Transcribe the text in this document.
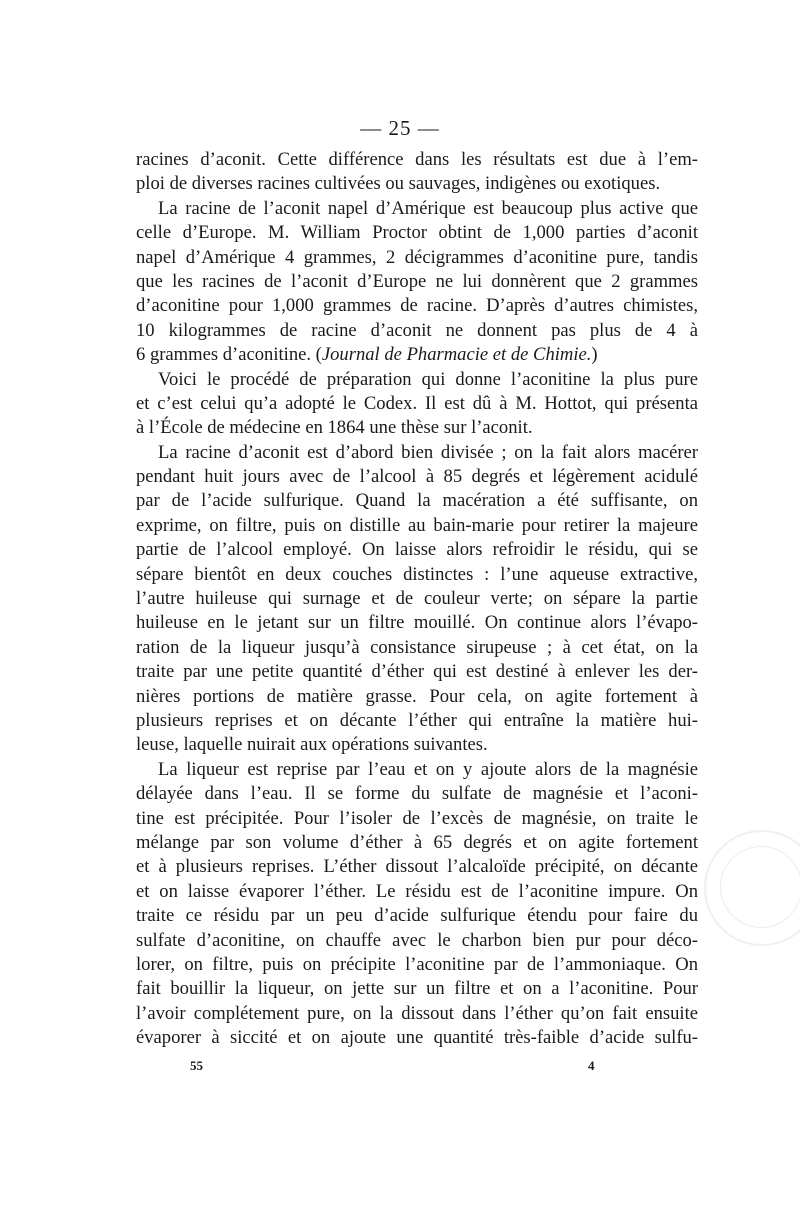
— 25 —
racines d’aconit. Cette différence dans les résultats est due à l’em-
ploi de diverses racines cultivées ou sauvages, indigènes ou exotiques.
La racine de l’aconit napel d’Amérique est beaucoup plus active que
celle d’Europe. M. William Proctor obtint de 1,000 parties d’aconit
napel d’Amérique 4 grammes, 2 décigrammes d’aconitine pure, tandis
que les racines de l’aconit d’Europe ne lui donnèrent que 2 grammes
d’aconitine pour 1,000 grammes de racine. D’après d’autres chimistes,
10 kilogrammes de racine d’aconit ne donnent pas plus de 4 à
6 grammes d’aconitine. (Journal de Pharmacie et de Chimie.)
Voici le procédé de préparation qui donne l’aconitine la plus pure
et c’est celui qu’a adopté le Codex. Il est dû à M. Hottot, qui présenta
à l’École de médecine en 1864 une thèse sur l’aconit.
La racine d’aconit est d’abord bien divisée ; on la fait alors macérer
pendant huit jours avec de l’alcool à 85 degrés et légèrement acidulé
par de l’acide sulfurique. Quand la macération a été suffisante, on
exprime, on filtre, puis on distille au bain-marie pour retirer la majeure
partie de l’alcool employé. On laisse alors refroidir le résidu, qui se
sépare bientôt en deux couches distinctes : l’une aqueuse extractive,
l’autre huileuse qui surnage et de couleur verte; on sépare la partie
huileuse en le jetant sur un filtre mouillé. On continue alors l’évapo-
ration de la liqueur jusqu’à consistance sirupeuse ; à cet état, on la
traite par une petite quantité d’éther qui est destiné à enlever les der-
nières portions de matière grasse. Pour cela, on agite fortement à
plusieurs reprises et on décante l’éther qui entraîne la matière hui-
leuse, laquelle nuirait aux opérations suivantes.
La liqueur est reprise par l’eau et on y ajoute alors de la magnésie
délayée dans l’eau. Il se forme du sulfate de magnésie et l’aconi-
tine est précipitée. Pour l’isoler de l’excès de magnésie, on traite le
mélange par son volume d’éther à 65 degrés et on agite fortement
et à plusieurs reprises. L’éther dissout l’alcaloïde précipité, on décante
et on laisse évaporer l’éther. Le résidu est de l’aconitine impure. On
traite ce résidu par un peu d’acide sulfurique étendu pour faire du
sulfate d’aconitine, on chauffe avec le charbon bien pur pour déco-
lorer, on filtre, puis on précipite l’aconitine par de l’ammoniaque. On
fait bouillir la liqueur, on jette sur un filtre et on a l’aconitine. Pour
l’avoir complétement pure, on la dissout dans l’éther qu’on fait ensuite
évaporer à siccité et on ajoute une quantité très-faible d’acide sulfu-
55	4
